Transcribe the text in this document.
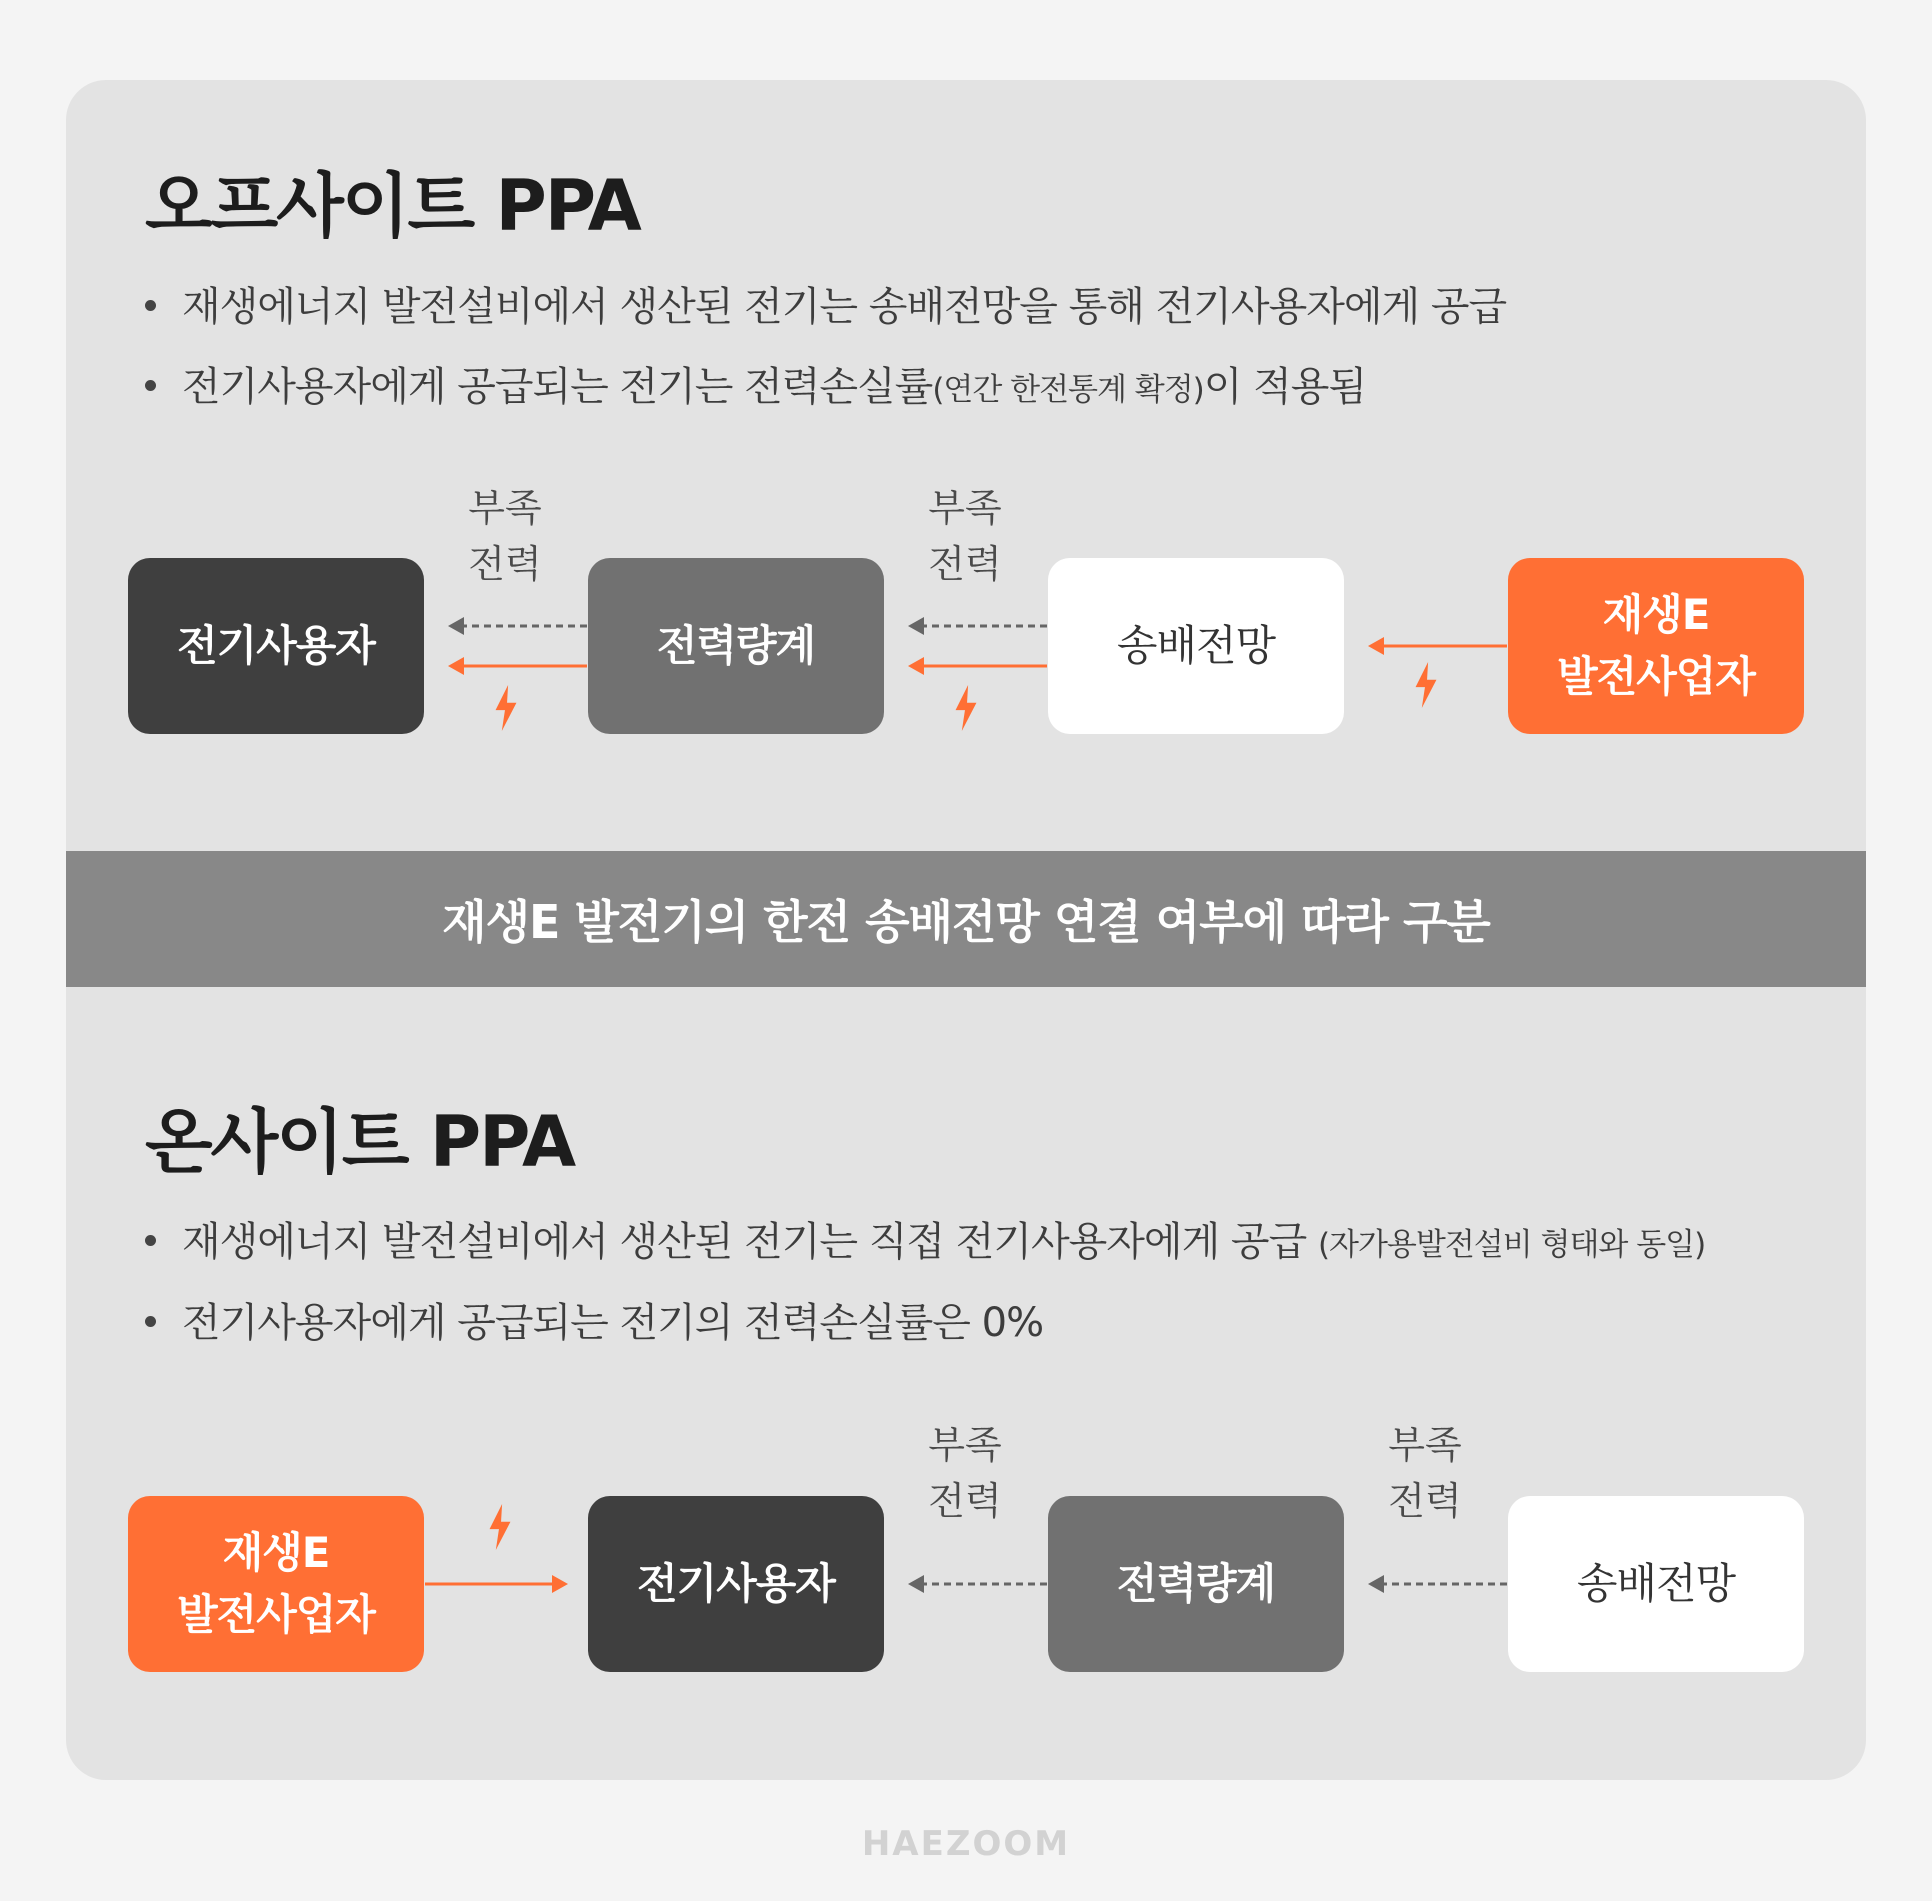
오프사이트 PPA
재생에너지 발전설비에서 생산된 전기는 송배전망을 통해 전기사용자에게 공급
전기사용자에게 공급되는 전기는 전력손실률(연간 한전통계 확정)이 적용됨
부족
전력
부족
전력
전기사용자	전력량계	송배전망
재생E
발전사업자
재생E 발전기의 한전 송배전망 연결 여부에 따라 구분
온사이트 PPA
재생에너지 발전설비에서 생산된 전기는 직접 전기사용자에게 공급 (자가용발전설비 형태와 동일)
전기사용자에게 공급되는 전기의 전력손실률은 0%
부족
전력
부족
전력
재생E
발전사업자
전기사용자	전력량계	송배전망
HAEZOOM
